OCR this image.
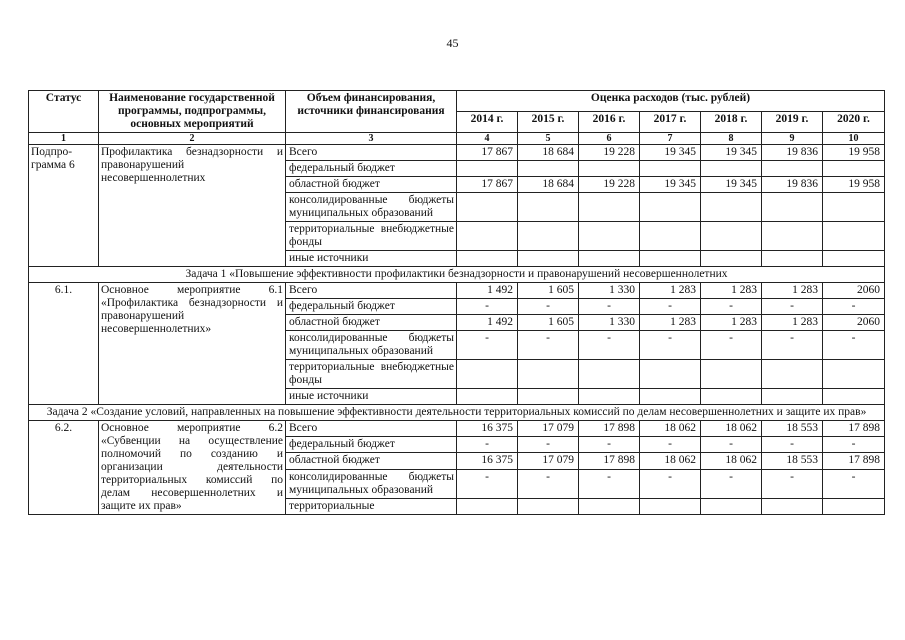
45
Статус	Наименование государственной программы, подпрограммы, основных мероприятий	Объем финансирования, источники финансирования	Оценка расходов (тыс. рублей)						
			2014 г.	2015 г.	2016 г.	2017 г.	2018 г.	2019 г.	2020 г.
1	2	3	4	5	6	7	8	9	10
Подпро-грамма 6	Профилактика безнадзорности и правонарушений несовершеннолетних	Всего	17 867	18 684	19 228	19 345	19 345	19 836	19 958
		федеральный бюджет							
		областной бюджет	17 867	18 684	19 228	19 345	19 345	19 836	19 958
		консолидированные бюджеты муниципальных образований							
		территориальные внебюджетные фонды							
		иные источники							
Задача 1 «Повышение эффективности профилактики безнадзорности и правонарушений несовершеннолетних									
6.1.	Основное мероприятие 6.1 «Профилактика безнадзорности и правонарушений несовершеннолетних»	Всего	1 492	1 605	1 330	1 283	1 283	1 283	2060
		федеральный бюджет	-	-	-	-	-	-	-
		областной бюджет	1 492	1 605	1 330	1 283	1 283	1 283	2060
		консолидированные бюджеты муниципальных образований	-	-	-	-	-	-	-
		территориальные внебюджетные фонды							
		иные источники							
Задача 2 «Создание условий, направленных на повышение эффективности деятельности территориальных комиссий по делам несовершеннолетних и защите их прав»									
6.2.	Основное мероприятие 6.2 «Субвенции на осуществление полномочий по созданию и организации деятельности территориальных комиссий по делам несовершеннолетних и защите их прав»	Всего	16 375	17 079	17 898	18 062	18 062	18 553	17 898
		федеральный бюджет	-	-	-	-	-	-	-
		областной бюджет	16 375	17 079	17 898	18 062	18 062	18 553	17 898
		консолидированные бюджеты муниципальных образований	-	-	-	-	-	-	-
		территориальные							
